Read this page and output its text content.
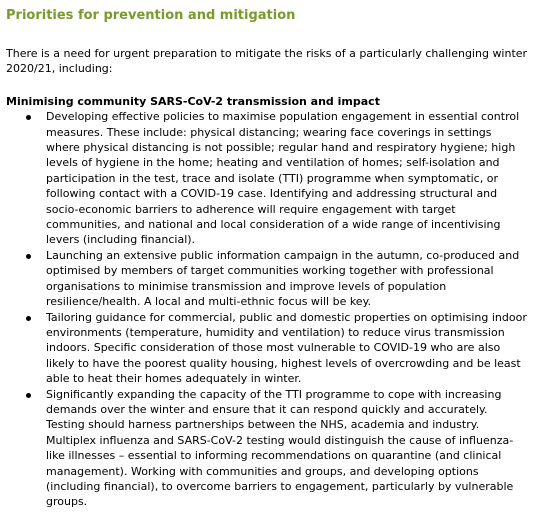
Priorities for prevention and mitigation

There is a need for urgent preparation to mitigate the risks of a particularly challenging winter 2020/21, including:

Minimising community SARS-CoV-2 transmission and impact
Developing effective policies to maximise population engagement in essential control measures. These include: physical distancing; wearing face coverings in settings where physical distancing is not possible; regular hand and respiratory hygiene; high levels of hygiene in the home; heating and ventilation of homes; self-isolation and participation in the test, trace and isolate (TTI) programme when symptomatic, or following contact with a COVID-19 case. Identifying and addressing structural and socio-economic barriers to adherence will require engagement with target communities, and national and local consideration of a wide range of incentivising levers (including financial).
Launching an extensive public information campaign in the autumn, co-produced and optimised by members of target communities working together with professional organisations to minimise transmission and improve levels of population resilience/health. A local and multi-ethnic focus will be key.
Tailoring guidance for commercial, public and domestic properties on optimising indoor environments (temperature, humidity and ventilation) to reduce virus transmission indoors. Specific consideration of those most vulnerable to COVID-19 who are also likely to have the poorest quality housing, highest levels of overcrowding and be least able to heat their homes adequately in winter.
Significantly expanding the capacity of the TTI programme to cope with increasing demands over the winter and ensure that it can respond quickly and accurately. Testing should harness partnerships between the NHS, academia and industry. Multiplex influenza and SARS-CoV-2 testing would distinguish the cause of influenza-like illnesses – essential to informing recommendations on quarantine (and clinical management). Working with communities and groups, and developing options (including financial), to overcome barriers to engagement, particularly by vulnerable groups.
